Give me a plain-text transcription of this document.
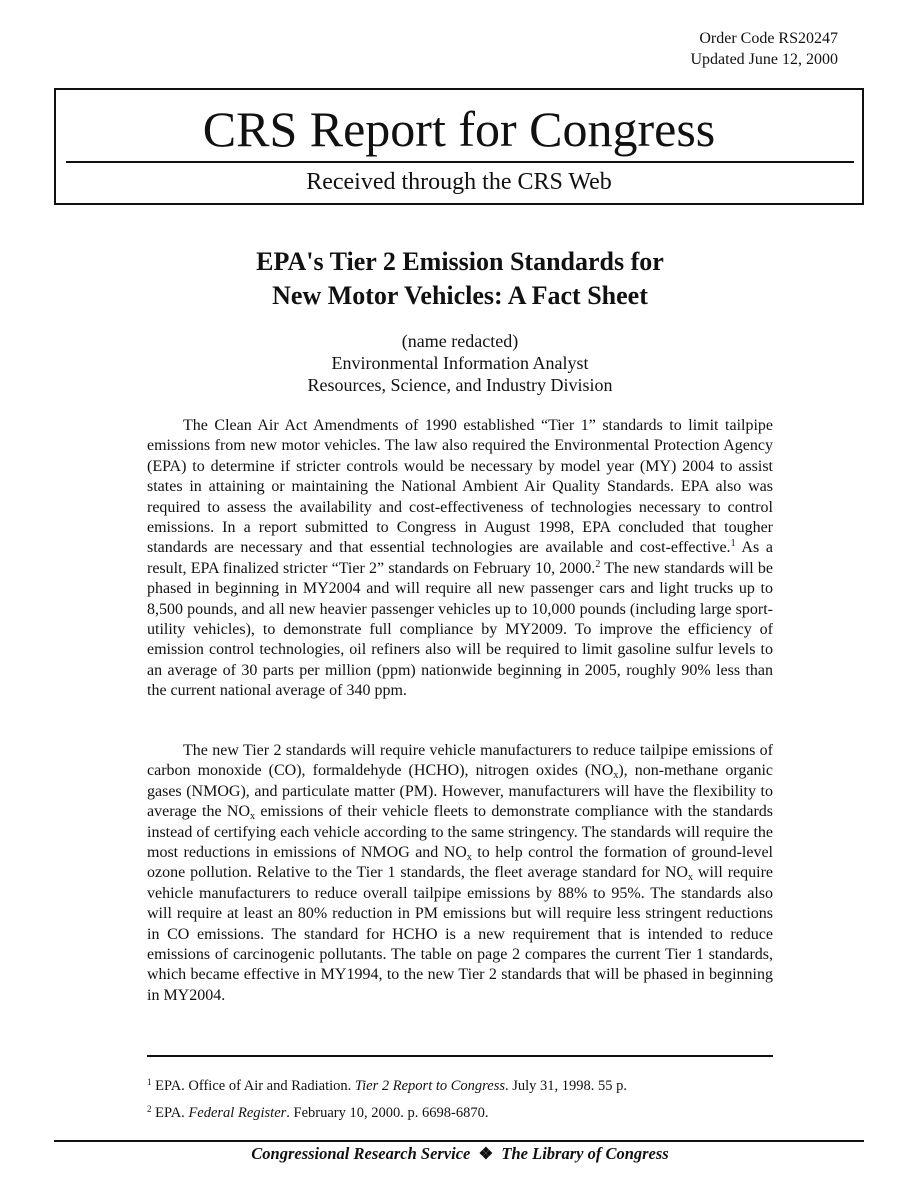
Order Code RS20247
Updated June 12, 2000
CRS Report for Congress
Received through the CRS Web
EPA's Tier 2 Emission Standards for
New Motor Vehicles: A Fact Sheet
(name redacted)
Environmental Information Analyst
Resources, Science, and Industry Division

The Clean Air Act Amendments of 1990 established “Tier 1” standards to limit tailpipe emissions from new motor vehicles. The law also required the Environmental Protection Agency (EPA) to determine if stricter controls would be necessary by model year (MY) 2004 to assist states in attaining or maintaining the National Ambient Air Quality Standards. EPA also was required to assess the availability and cost-effectiveness of technologies necessary to control emissions. In a report submitted to Congress in August 1998, EPA concluded that tougher standards are necessary and that essential technologies are available and cost-effective.$^1$ As a result, EPA finalized stricter “Tier 2” standards on February 10, 2000.$^2$ The new standards will be phased in beginning in MY2004 and will require all new passenger cars and light trucks up to 8,500 pounds, and all new heavier passenger vehicles up to 10,000 pounds (including large sport-utility vehicles), to demonstrate full compliance by MY2009. To improve the efficiency of emission control technologies, oil refiners also will be required to limit gasoline sulfur levels to an average of 30 parts per million (ppm) nationwide beginning in 2005, roughly 90% less than the current national average of 340 ppm.

The new Tier 2 standards will require vehicle manufacturers to reduce tailpipe emissions of carbon monoxide (CO), formaldehyde (HCHO), nitrogen oxides $(NO_x)$, non-methane organic gases (NMOG), and particulate matter (PM). However, manufacturers will have the flexibility to average the $NO_x$ emissions of their vehicle fleets to demonstrate compliance with the standards instead of certifying each vehicle according to the same stringency. The standards will require the most reductions in emissions of NMOG and $NO_x$ to help control the formation of ground-level ozone pollution. Relative to the Tier 1 standards, the fleet average standard for $NO_x$ will require vehicle manufacturers to reduce overall tailpipe emissions by 88% to 95%. The standards also will require at least an 80% reduction in PM emissions but will require less stringent reductions in CO emissions. The standard for HCHO is a new requirement that is intended to reduce emissions of carcinogenic pollutants. The table on page 2 compares the current Tier 1 standards, which became effective in MY1994, to the new Tier 2 standards that will be phased in beginning in MY2004.

$^1$ EPA. Office of Air and Radiation. Tier 2 Report to Congress. July 31, 1998. 55 p.
$^2$ EPA. Federal Register. February 10, 2000. p. 6698-6870.
Congressional Research Service ❖ The Library of Congress
